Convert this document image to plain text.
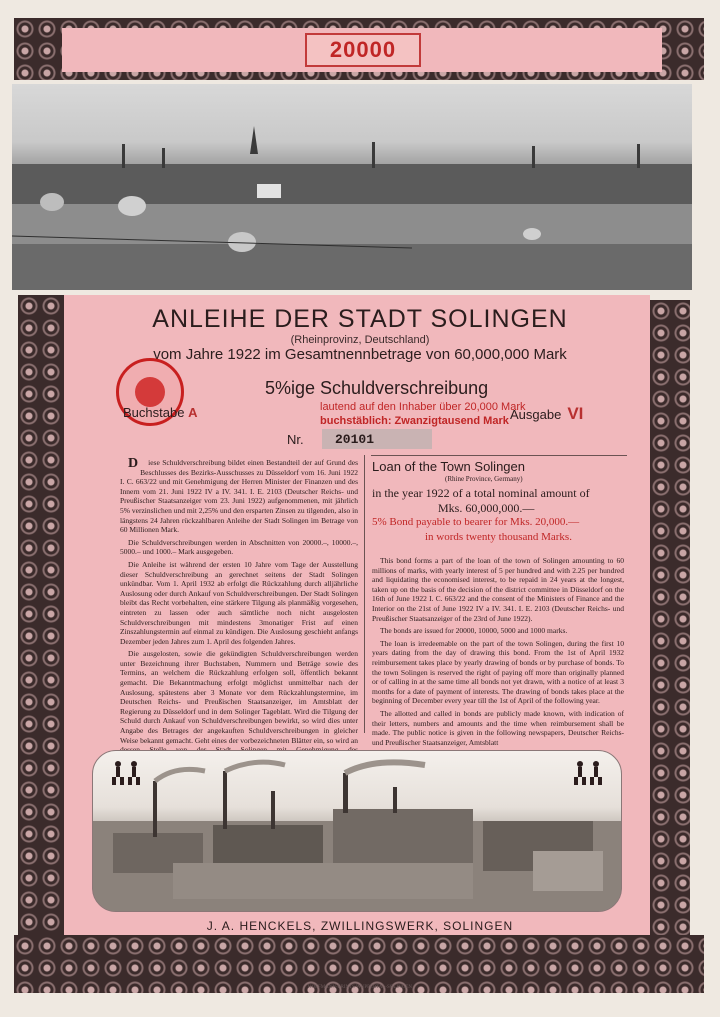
20000
ANLEIHE DER STADT SOLINGEN
(Rheinprovinz, Deutschland)
vom Jahre 1922 im Gesamtnennbetrage von 60,000,000 Mark
5%ige Schuldverschreibung
Buchstabe A	lautend auf den Inhaber über 20,000 Mark
buchstäblich: Zwanzigtausend Mark Ausgabe VI
Nr. 20101

D iese Schuldverschreibung bildet einen Bestandteil der auf Grund des Beschlusses des Bezirks-Ausschusses zu Düsseldorf vom 16. Juni 1922 I. C. 663/22 und mit Genehmigung der Herren Minister der Finanzen und des Innern vom 21. Juni 1922 IV a IV. 341. I. E. 2103 (Deutscher Reichs- und Preußischer Staatsanzeiger vom 23. Juni 1922) aufgenommenen, mit jährlich 5% verzinslichen und mit 2,25% und den ersparten Zinsen zu tilgenden, also in längstens 24 Jahren rückzahlbaren Anleihe der Stadt Solingen im Betrage von 60 Millionen Mark.

Die Schuldverschreibungen werden in Abschnitten von 20000.–, 10000.–, 5000.– und 1000.– Mark ausgegeben.

Die Anleihe ist während der ersten 10 Jahre vom Tage der Ausstellung dieser Schuldverschreibung an gerechnet seitens der Stadt Solingen unkündbar. Vom 1. April 1932 ab erfolgt die Rückzahlung durch alljährliche Auslosung oder durch Ankauf von Schuldverschreibungen. Der Stadt Solingen bleibt das Recht vorbehalten, eine stärkere Tilgung als planmäßig vorgesehen, eintreten zu lassen oder auch sämtliche noch nicht ausgelosten Schuldverschreibungen mit mindestens 3monatiger Frist auf einen Zinszahlungstermin auf einmal zu kündigen. Die Auslosung geschieht anfangs Dezember jeden Jahres zum 1. April des folgenden Jahres.

Die ausgelosten, sowie die gekündigten Schuldverschreibungen werden unter Bezeichnung ihrer Buchstaben, Nummern und Beträge sowie des Termins, an welchem die Rückzahlung erfolgen soll, öffentlich bekannt gemacht. Die Bekanntmachung erfolgt möglichst unmittelbar nach der Auslosung, spätestens aber 3 Monate vor dem Rückzahlungstermine, im Deutschen Reichs- und Preußischen Staatsanzeiger, im Amtsblatt der Regierung zu Düsseldorf und in dem Solinger Tageblatt. Wird die Tilgung der Schuld durch Ankauf von Schuldverschreibungen bewirkt, so wird dies unter Angabe des Betrages der angekauften Schuldverschreibungen in gleicher Weise bekannt gemacht. Geht eines der vorbezeichneten Blätter ein, so wird an

Loan of the Town Solingen
(Rhine Province, Germany)
in the year 1922 of a total nominal amount of
Mks. 60,000,000.—
5% Bond payable to bearer for Mks. 20,000.—
in words twenty thousand Marks.

This bond forms a part of the loan of the town of Solingen amounting to 60 millions of marks, with yearly interest of 5 per hundred and with 2.25 per hundred and liquidating the economised interest, to be repaid in 24 years at the longest, taken up on the basis of the decision of the district committee in Düsseldorf on the 16th of June 1922 I. C. 663/22 and the consent of the Ministers of Finance and the Interior on the 21st of June 1922 IV a IV. 341. I. E. 2103 (Deutscher Reichs- und Preußischer Staatsanzeiger of the 23rd of June 1922).

The bonds are issued for 20000, 10000, 5000 and 1000 marks.

The loan is irredeemable on the part of the town Solingen, during the first 10 years dating from the day of drawing this bond. From the 1st of April 1932 reimbursement takes place by yearly drawing of bonds or by purchase of bonds. To the town Solingen is reserved the right of paying off more than originally planned or of calling in at the same time all bonds not yet drawn, with a notice of at least 3 months for a date of payment of interests. The drawing of bonds takes place at the beginning of December every year till the 1st of April of the following year.

The allotted and called in bonds are publicly made known, with indication of their letters, numbers and amounts and the time when reimbursement shall be made. The public notice is given in the following newspapers, Deutscher Reichs- und Preußischer Staatsanzeiger, Amtsblatt

J. A. HENCKELS, ZWILLINGSWERK, SOLINGEN
HOFFMANN-PRINTS WUPPERTAL-SOLINGEN
